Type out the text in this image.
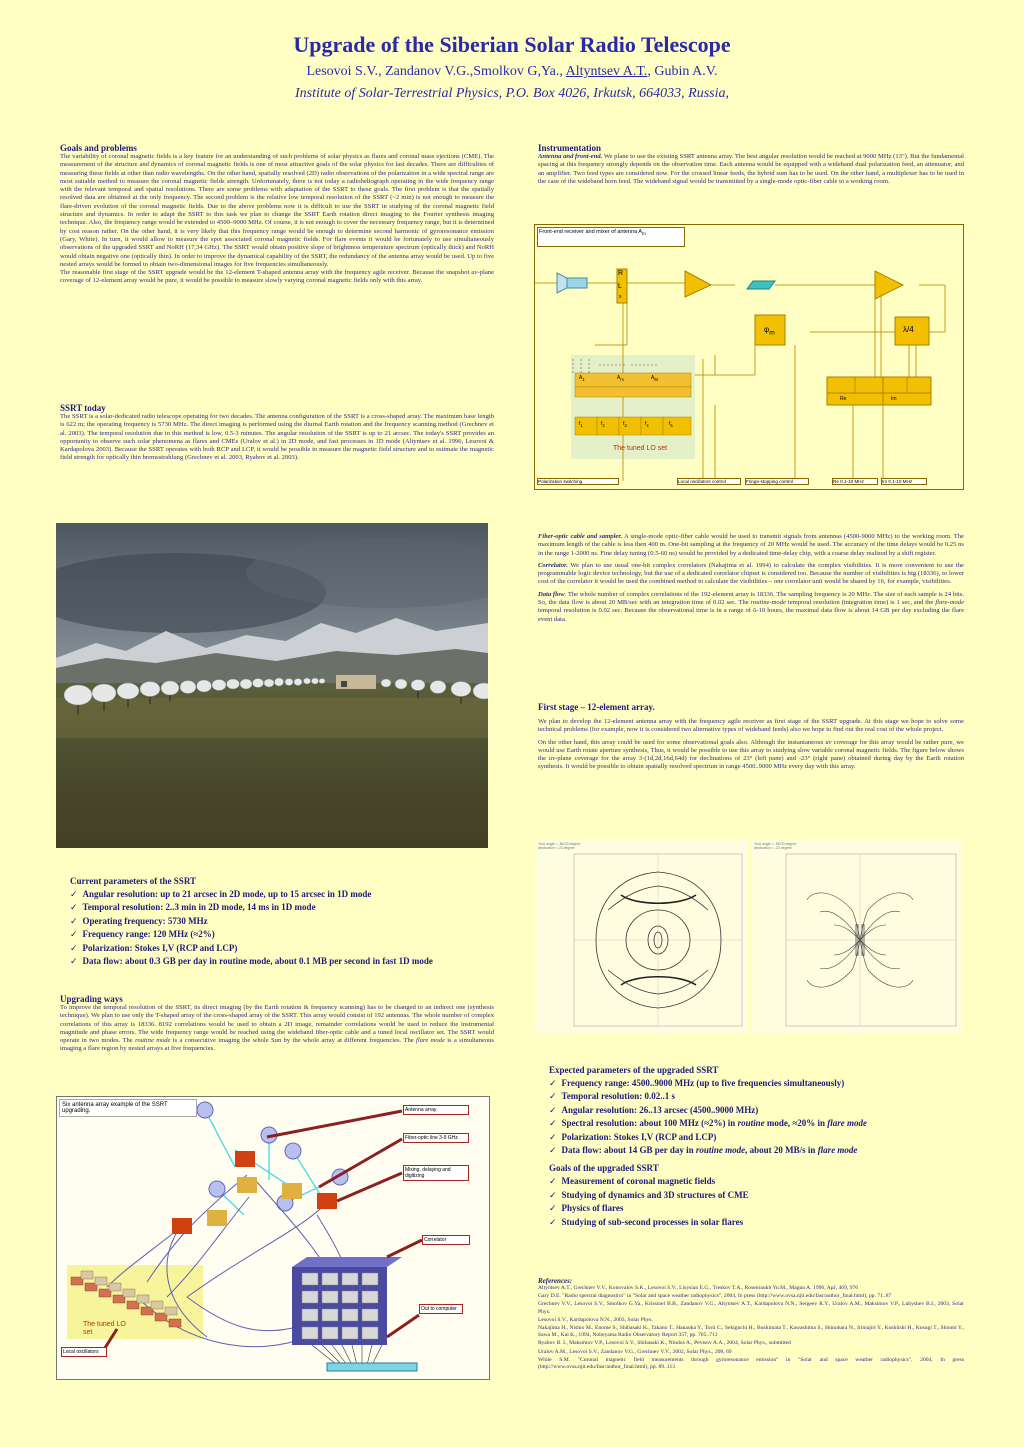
Upgrade of the Siberian Solar Radio Telescope
Lesovoi S.V., Zandanov V.G.,Smolkov G,Ya., Altyntsev A.T., Gubin A.V.
Institute of Solar-Terrestrial Physics, P.O. Box 4026, Irkutsk, 664033, Russia,
Goals and problems

The variability of coronal magnetic fields is a key feature for an understanding of such problems of solar physics as flares and coronal mass ejections (CME). The measurement of the structure and dynamics of coronal magnetic fields is one of most attractive goals of the solar physics for last decades. There are difficulties of measuring these fields at other than radio wavelengths. On the other hand, spatially resolved (2D) radio observations of the polarization in a wide spectral range are most suitable method to measure the coronal magnetic fields strength. Unfortunately, there is not today a radioheliograph operating in the wide frequency range with the relevant temporal and spatial resolutions. There are some problems with adaptation of the SSRT to these goals. The first problem is that the spatially resolved data are obtained at the only frequency. The second problem is the relative low temporal resolution of the SSRT (~2 min) is not enough to measure the flare-driven evolution of the coronal magnetic fields. Due to the above problems now it is difficult to use the SSRT in studying of the coronal magnetic field structure and dynamics. In order to adapt the SSRT to this task we plan to change the SSRT Earth rotation direct imaging to the Fourier synthesis imaging technique. Also, the frequency range would be extended to 4500–9000 MHz. Of course, it is not enough to cover the necessary frequency range, but it is determined by cost reason rather. On the other hand, it is very likely that this frequency range would be enough to determine second harmonic of gyroresonance emission (Gary, White). In turn, it would allow to measure the spot associated coronal magnetic fields. For flare events it would be fortunately to use simultaneously observations of the upgraded SSRT and NoRH (17,34 GHz). The SSRT would obtain positive slope of brightness temperature spectrum (optically thick) and NoRH would obtain negative one (optically thin). In order to improve the dynamical capability of the SSRT, the redundancy of the antenna array would be used. Up to five nested arrays would be formed to obtain two-dimensional images for five frequencies simultaneously.

The reasonable first stage of the SSRT upgrade would be the 12-element T-shaped antenna array with the frequency agile receiver. Because the snapshot uv-plane coverage of 12-element array would be pure, it would be possible to measure slowly varying coronal magnetic fields only with this array.

SSRT today
The SSRT is a solar-dedicated radio telescope operating for two decades. The antenna configuration of the SSRT is a cross-shaped array. The maximum base length is 622 m; the operating frequency is 5730 MHz. The direct imaging is performed using the diurnal Earth rotation and the frequency scanning method (Grechnev et al. 2003). The temporal resolution due to this method is low, 0.5-3 minutes. The angular resolution of the SSRT is up to 21 arcsec. The today's SSRT provides an opportunity to observe such solar phenomena as flares and CMEs (Uralov et al.) in 2D mode, and fast processes in 1D mode (Altyntsev et al. 1996, Lesovoi & Kardapolova 2003). Because the SSRT operates with both RCP and LCP, it would be possible to measure the magnetic field structure and to estimate the magnetic field strength for optically thin bremsstrahlung (Grechnev et al. 2003, Ryabov et al. 2003).
Current parameters of the SSRT
✓ Angular resolution: up to 21 arcsec in 2D mode, up to 15 arcsec in 1D mode
✓ Temporal resolution: 2..3 min in 2D mode, 14 ms in 1D mode
✓ Operating frequency: 5730 MHz
✓ Frequency range: 120 MHz (≈2%)
✓ Polarization: Stokes I,V (RCP and LCP)
✓ Data flow: about 0.3 GB per day in routine mode, about 0.1 MB per second in fast 1D mode
Upgrading ways
To improve the temporal resolution of the SSRT, its direct imaging (by the Earth rotation & frequency scanning) has to be changed to an indirect one (synthesis technique). We plan to use only the T-shaped array of the cross-shaped array of the SSRT. This array would consist of 192 antennas. The whole number of complex correlations of this array is 18336. 8192 correlations would be used to obtain a 2D image, remainder correlations would be used to reduce the instrumental magnitude and phase errors. The wide frequency range would be reached using the wideband fiber-optic cable and a tuned local oscillator set. The SSRT would operate in two modes. The routine mode is a consecutive imaging the whole Sun by the whole array at different frequencies. The flare mode is a simultaneous imaging a flare region by nested arrays at five frequencies.
Six antenna array example of the SSRT upgrading.	Antenna array
Fiber-optic line 3-9 GHz
Mixing, delaying and digitizing
Correlator
Out to computer
The tuned LO set
Local oscillators
Instrumentation
Antenna and front-end. We plane to use the existing SSRT antenna array. The best angular resolution would be reached at 9000 MHz (13"). But the fundamental spacing at this frequency strongly depends on the observation time. Each antenna would be equipped with a wideband dual polarization feed, an attenuator, and an amplifier. Two feed types are considered now. For the crossed linear feeds, the hybrid sum has to be used. On the other hand, a multiplexer has to be used in the case of the wideband horn feed. The wideband signal would be transmitted by a single-mode optic-fiber cable to a working room.
Front-end receiver and mixer of antenna $A_m$
R
L
s
$\varphi_m$	λ/4
$A_1$	$A_m$	$A_M$
$f_1$	$f_2$	$f_3$	$f_4$	$f_5$
Re	Im
The tuned LO set
Polarization switching	Local oscillators control	Fringe-stopping control	Re 0.1-10 MHz	Im 0.1-10 MHz

Fiber-optic cable and sampler. A single-mode optic-fiber cable would be used to transmit signals from antennas (4500-9000 MHz) to the working room. The maximum length of the cable is less then 400 m. One-bit sampling at the frequency of 20 MHz would be used. The accuracy of the time delays would be 0.25 ns in the range 1-2000 ns. Fine delay tuning (0.5-60 ns) would be provided by a dedicated time-delay chip, with a coarse delay realized by a shift register.

Correlator. We plan to use usual one-bit complex correlators (Nakajima et al. 1994) to calculate the complex visibilities. It is more convenient to use the programmable logic device technology, but the use of a dedicated correlator chipset is considered too. Because the number of visibilities is big (18336), to lower cost of the correlator it would be used the combined method to calculate the visibilities – one correlator unit would be shared by 16, for example, visibilities.

Data flow. The whole number of complex correlations of the 192-element array is 18336. The sampling frequency is 20 MHz. The size of each sample is 24 bits. So, the data flow is about 20 MB/sec with an integration time of 0.02 sec. The routine-mode temporal resolution (integration time) is 1 sec, and the flare-mode temporal resolution is 0.02 sec. Because the observational time is in a range of 6-10 hours, the maximal data flow is about 14 GB per day excluding the flare event data.

First stage – 12-element array.

We plan to develop the 12-element antenna array with the frequency agile receiver as first stage of the SSRT upgrade. At this stage we hope to solve some technical problems (for example, now it is considered two alternative types of wideband feeds) also we hope to find out the real cost of the whole project.

On the other hand, this array could be used for some observational goals also. Although the instantaneous uv coverage for this array would be rather pure, we would use Earth rotate aperture synthesis, Thus, it would be possible to use this array to studying slow variable coronal magnetic fields. The figure below shows the uv-plane coverage for the array 3·(1d,2d,16d,64d) for declinations of 23° (left pane) and -23° (right pane) obtained during day by the Earth rotation synthesis. It would be possible to obtain spatially resolved spectrum in range 4500..9000 MHz every day with this array.

Your angle = -86.00 degree
declination = 23 degree
Your angle = -86.00 degree
declination = -23 degree
Expected parameters of the upgraded SSRT
✓ Frequency range: 4500..9000 MHz (up to five frequencies simultaneously)
✓ Temporal resolution: 0.02..1 s
✓ Angular resolution: 26..13 arcsec (4500..9000 MHz)
✓ Spectral resolution: about 100 MHz (≈2%) in routine mode, ≈20% in flare mode
✓ Polarization: Stokes I,V (RCP and LCP)
✓ Data flow: about 14 GB per day in routine mode, about 20 MB/s in flare mode
Goals of the upgraded SSRT
✓ Measurement of coronal magnetic fields
✓ Studying of dynamics and 3D structures of CME
✓ Physics of flares
✓ Studying of sub-second processes in solar flares
References:
Altyntsev A.T., Grechnev V.V., Konovalov S.K., Lesovoi S.V., Lisysian E.G., Treskov T.A., Rosenraukh Yu.M., Magun A. 1996, ApJ, 469, 976
Gary D.E. "Radio spectral diagnostics" in "Solar and space weather radiophysics", 2004, In press (http://www.ovsa.njit.edu/fasr/author_final.html), pp. 71..87
Grechnev V.V., Lesovoi S.V., Smolkov G.Ya., Krissinel B.B., Zandanov V.G., Altyntsev A.T., Kardapolova N.N., Sergeev R.Y., Uralov A.M., Maksimov V.P., Lubyshev B.I., 2003, Solar Phys.
Lesovoi S.V., Kardapolova N.N., 2003, Solar Phys.
Nakajima H., Nishio M., Enome S., Shibasaki K., Takano T., Hanaoka Y., Torii C., Sekiguchi H., Bushimata T., Kawashima S., Shinohara N., Irimajiri Y., Koshiishi H., Kosugi T., Shiomi Y., Sawa M., Kai K., 1994, Nobeyama Radio Observatory Report 357, pp. 705..713
Ryabov B. I., Maksimov V.P., Lesovoi S.V., Shibasaki K., Nindos A., Pevtsov A.A., 2004, Solar Phys., submitted
Uralov A.M., Lesovoi S.V., Zandanov V.G., Grechnev V.V., 2002, Solar Phys., 208, 69
White S.M. "Coronal magnetic field measurements through gyroresonance emission" in "Solar and space weather radiophysics", 2004, In press (http://www.ovsa.njit.edu/fasr/author_final.html), pp. 89..113
